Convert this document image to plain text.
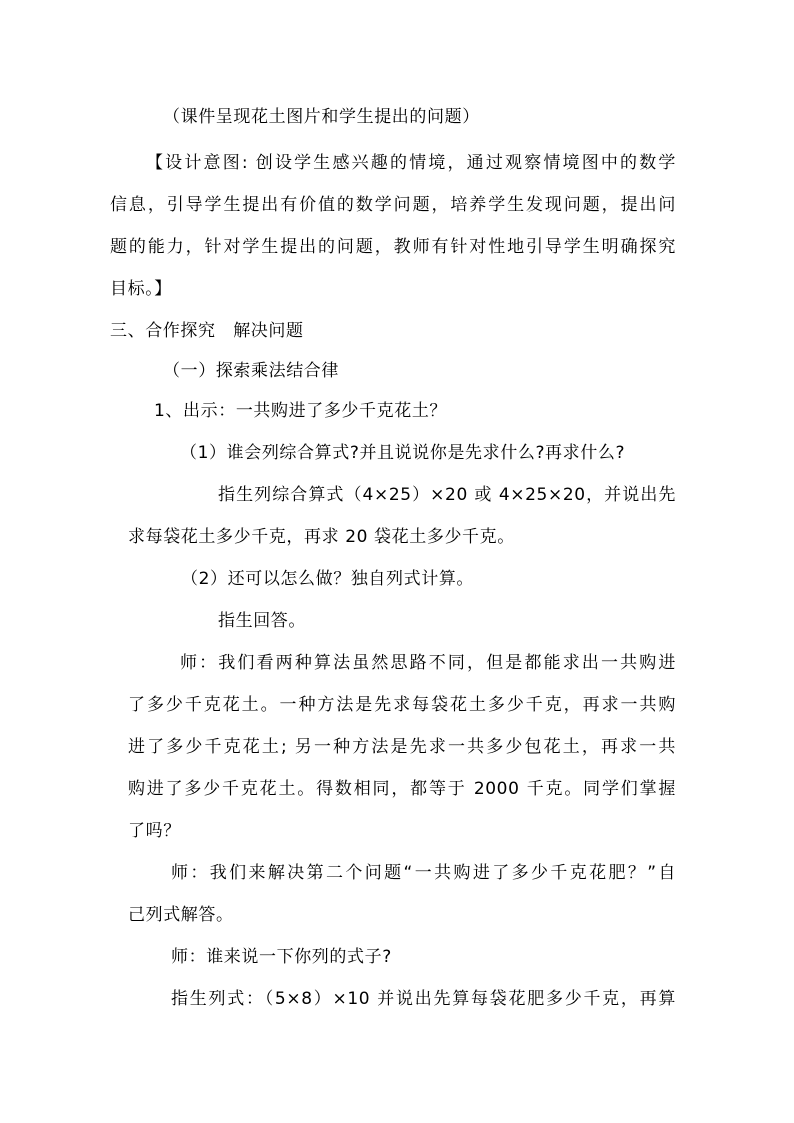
（课件呈现花土图片和学生提出的问题）
【设计意图: 创设学生感兴趣的情境，通过观察情境图中的数学
信息，引导学生提出有价值的数学问题，培养学生发现问题，提出问
题的能力，针对学生提出的问题，教师有针对性地引导学生明确探究
目标。】
三、合作探究　解决问题
（一）探索乘法结合律
1、出示：一共购进了多少千克花土？
（1）谁会列综合算式?并且说说你是先求什么?再求什么?
指生列综合算式（4×25）×20 或 4×25×20，并说出先
求每袋花土多少千克，再求 20 袋花土多少千克。
（2）还可以怎么做？独自列式计算。
指生回答。
师：我们看两种算法虽然思路不同，但是都能求出一共购进
了多少千克花土。一种方法是先求每袋花土多少千克，再求一共购
进了多少千克花土; 另一种方法是先求一共多少包花土，再求一共
购进了多少千克花土。得数相同，都等于 2000 千克。同学们掌握
了吗？
师：我们来解决第二个问题“一共购进了多少千克花肥？”自
己列式解答。
师：谁来说一下你列的式子?
指生列式：（5×8）×10 并说出先算每袋花肥多少千克，再算
